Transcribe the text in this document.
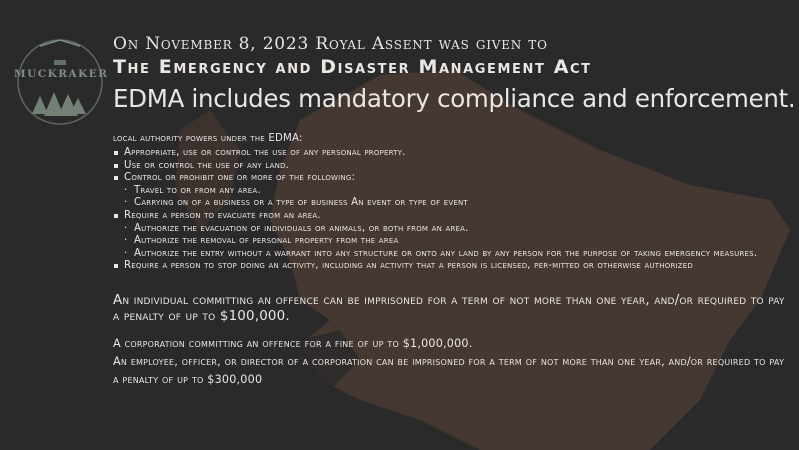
MUCKRAKER
On November 8, 2023 Royal Assent was given to
The Emergency and Disaster Management Act
EDMA includes mandatory compliance and enforcement.
local authority powers under the EDMA:
Appropriate, use or control the use of any personal property.
Use or control the use of any land.
Control or prohibit one or more of the following:
· Travel to or from any area.
· Carrying on of a business or a type of business An event or type of event
Require a person to evacuate from an area.
· Authorize the evacuation of individuals or animals, or both from an area.
· Authorize the removal of personal property from the area
· Authorize the entry without a warrant into any structure or onto any land by any person for the purpose of taking emergency measures.
Require a person to stop doing an activity, including an activity that a person is licensed, per-mitted or otherwise authorized
An individual committing an offence can be imprisoned for a term of not more than one year, and/or required to pay a penalty of up to $100,000.
A corporation committing an offence for a fine of up to $1,000,000.
An employee, officer, or director of a corporation can be imprisoned for a term of not more than one year, and/or required to pay a penalty of up to $300,000
